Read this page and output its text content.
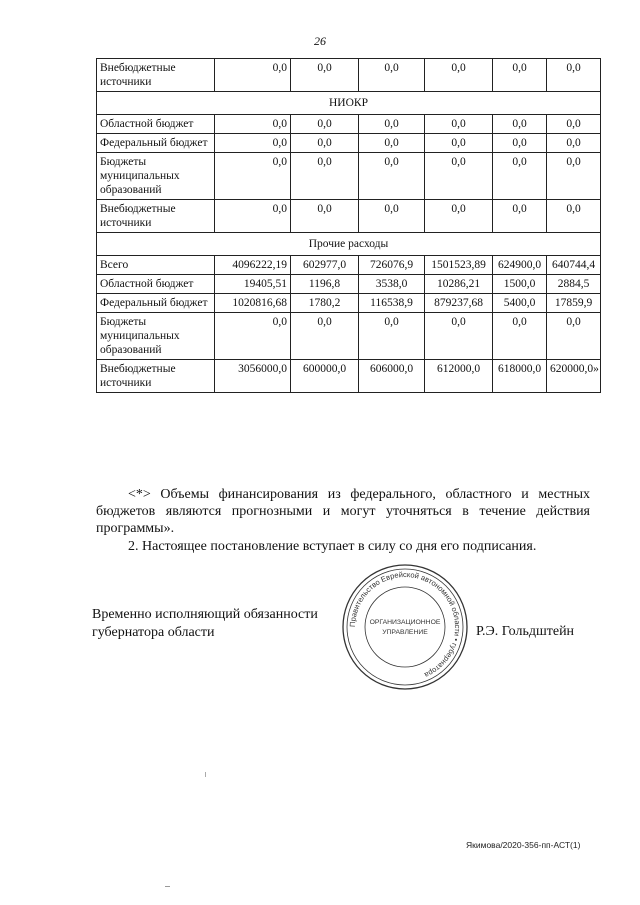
26
Внебюджетные источники	0,0	0,0	0,0	0,0	0,0	0,0
НИОКР						
Областной бюджет	0,0	0,0	0,0	0,0	0,0	0,0
Федеральный бюджет	0,0	0,0	0,0	0,0	0,0	0,0
Бюджеты муниципальных образований	0,0	0,0	0,0	0,0	0,0	0,0
Внебюджетные источники	0,0	0,0	0,0	0,0	0,0	0,0
Прочие расходы						
Всего	4096222,19	602977,0	726076,9	1501523,89	624900,0	640744,4
Областной бюджет	19405,51	1196,8	3538,0	10286,21	1500,0	2884,5
Федеральный бюджет	1020816,68	1780,2	116538,9	879237,68	5400,0	17859,9
Бюджеты муниципальных образований	0,0	0,0	0,0	0,0	0,0	0,0
Внебюджетные источники	3056000,0	600000,0	606000,0	612000,0	618000,0	620000,0»
<*> Объемы финансирования из федерального, областного и местных бюджетов являются прогнозными и могут уточняться в течение действия программы».
2. Настоящее постановление вступает в силу со дня его подписания.
Временно исполняющий обязанности губернатора области	Р.Э. Гольдштейн
Правительство Еврейской автономной области • губернатора
ОРГАНИЗАЦИОННОЕ
УПРАВЛЕНИЕ
Якимова/2020-356-пп-АСТ(1)
